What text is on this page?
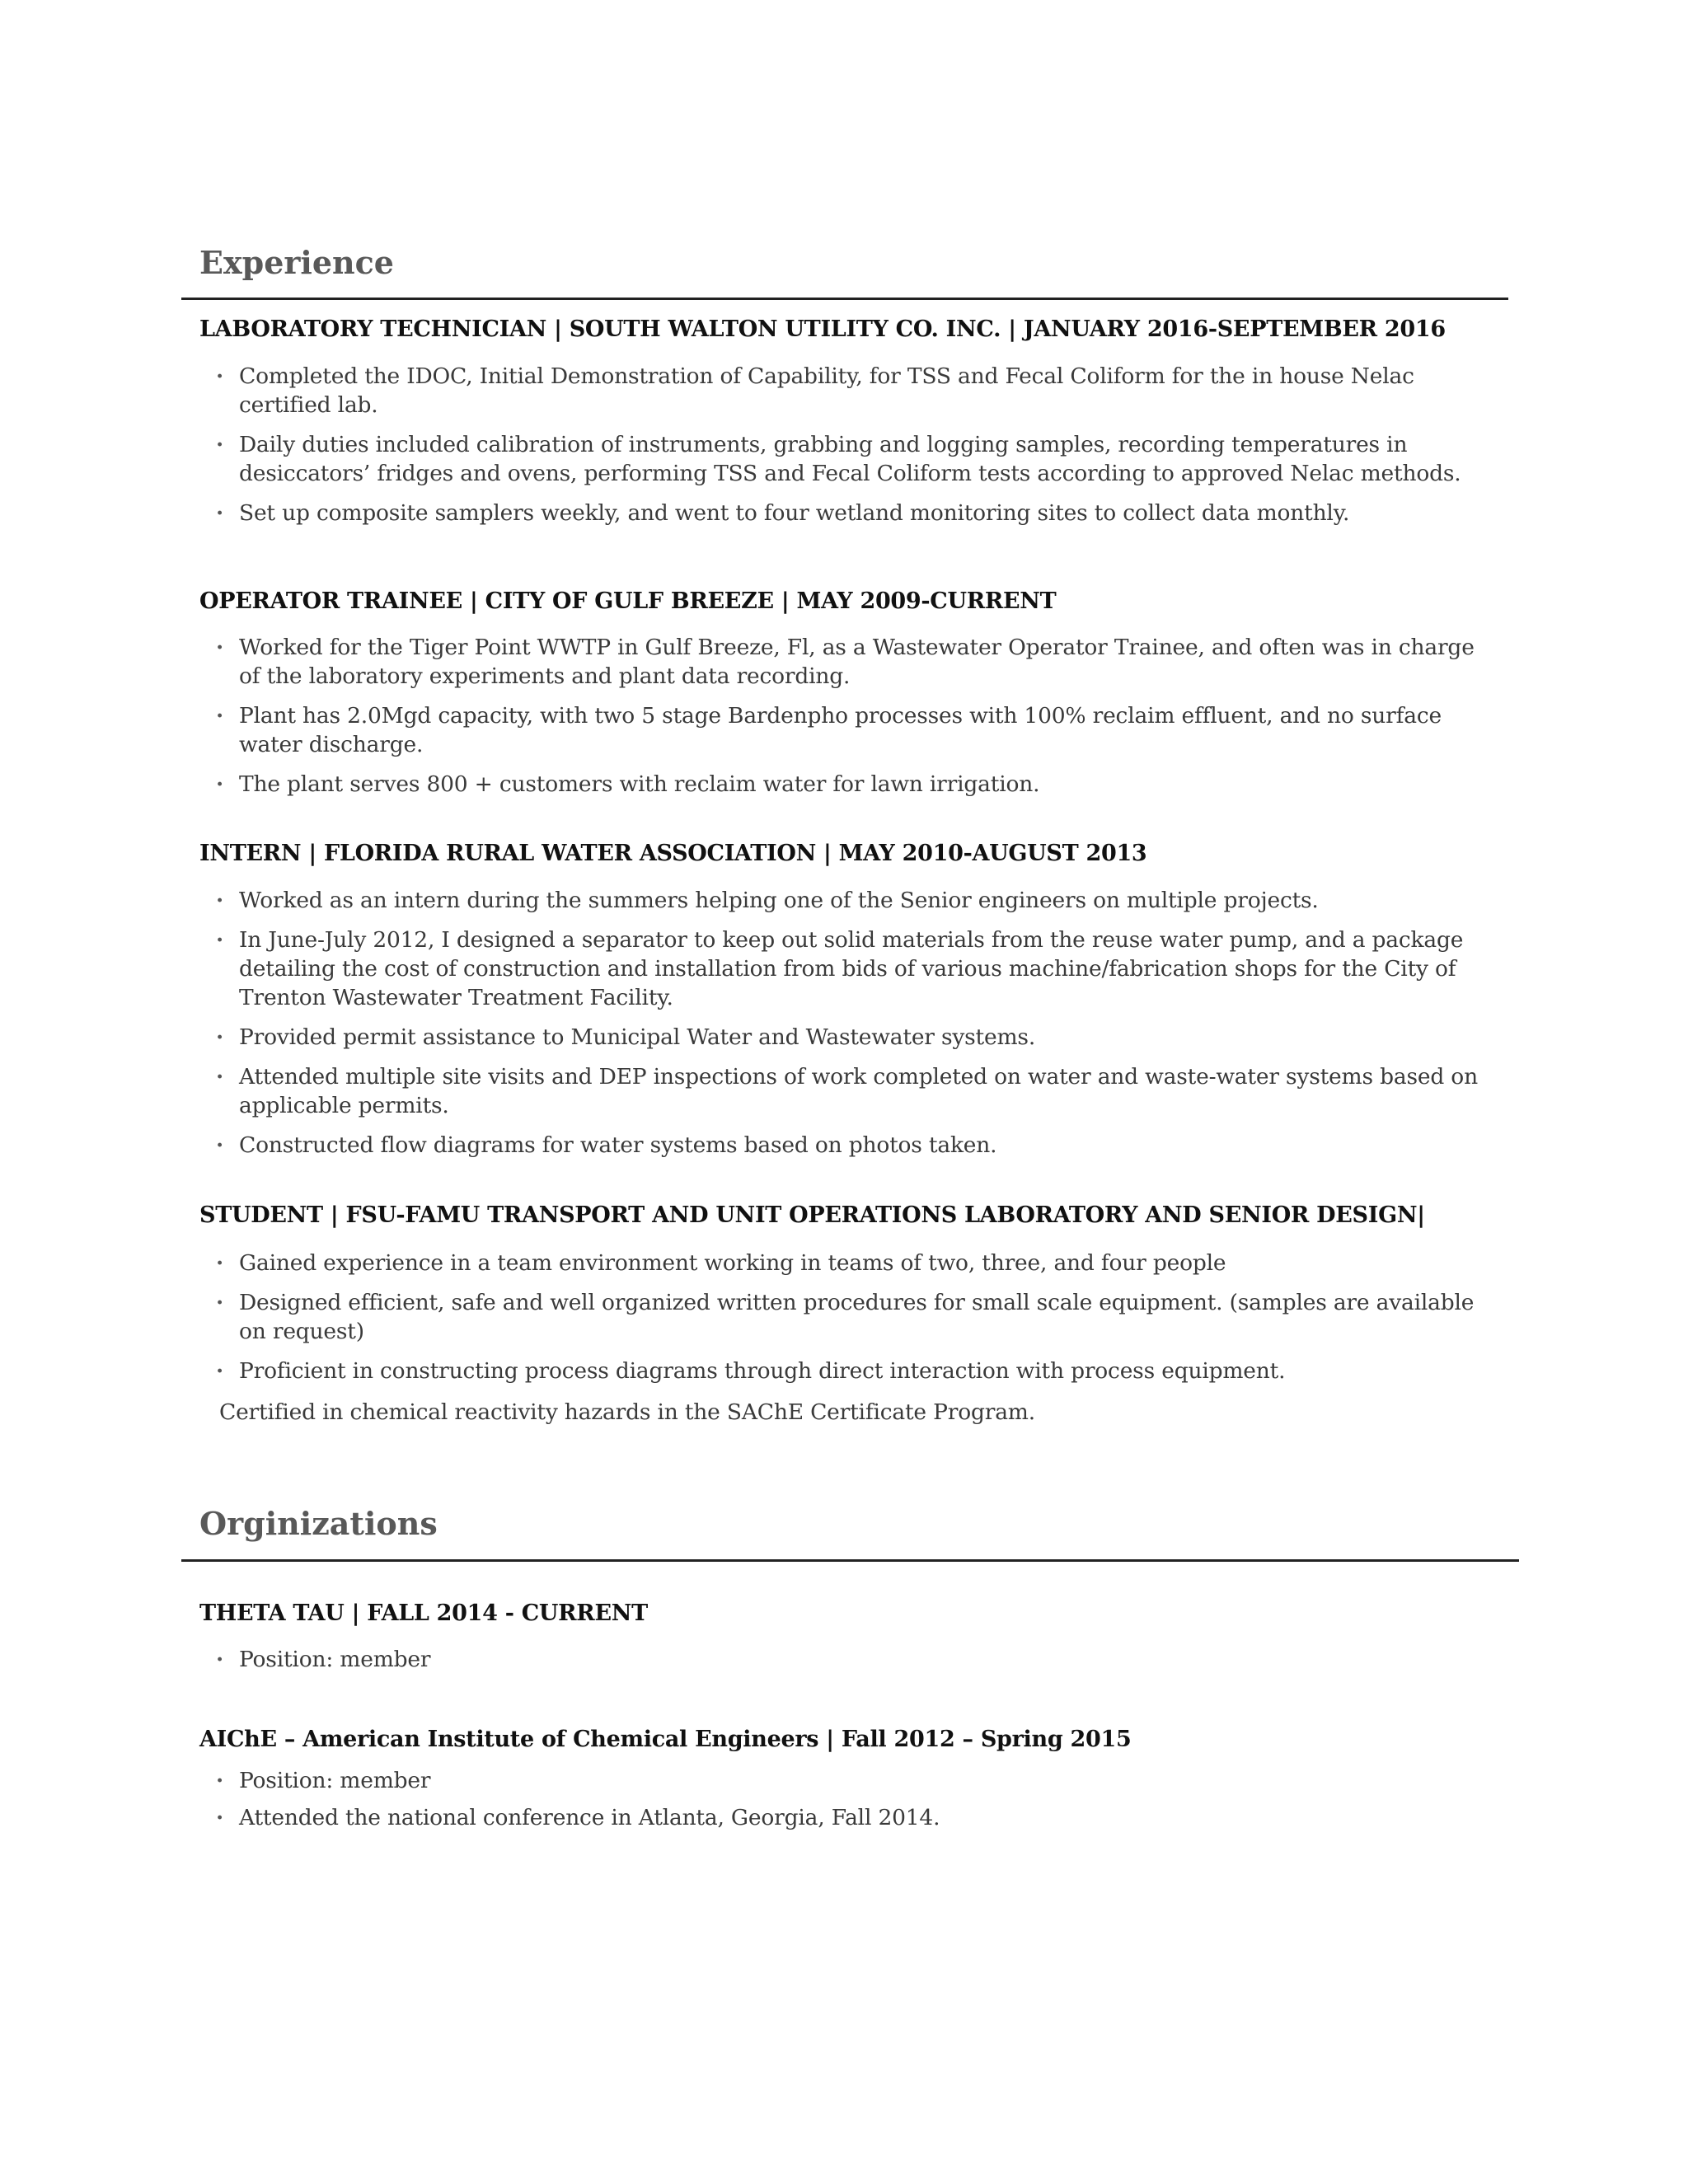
Experience
LABORATORY TECHNICIAN | SOUTH WALTON UTILITY CO. INC. | JANUARY 2016-SEPTEMBER 2016
· Completed the IDOC, Initial Demonstration of Capability, for TSS and Fecal Coliform for the in house Nelac certified lab.
· Daily duties included calibration of instruments, grabbing and logging samples, recording temperatures in desiccators’ fridges and ovens, performing TSS and Fecal Coliform tests according to approved Nelac methods.
· Set up composite samplers weekly, and went to four wetland monitoring sites to collect data monthly.
OPERATOR TRAINEE | CITY OF GULF BREEZE | MAY 2009-CURRENT
· Worked for the Tiger Point WWTP in Gulf Breeze, Fl, as a Wastewater Operator Trainee, and often was in charge of the laboratory experiments and plant data recording.
· Plant has 2.0Mgd capacity, with two 5 stage Bardenpho processes with 100% reclaim effluent, and no surface water discharge.
· The plant serves 800 + customers with reclaim water for lawn irrigation.
INTERN | FLORIDA RURAL WATER ASSOCIATION | MAY 2010-AUGUST 2013
· Worked as an intern during the summers helping one of the Senior engineers on multiple projects.
· In June-July 2012, I designed a separator to keep out solid materials from the reuse water pump, and a package detailing the cost of construction and installation from bids of various machine/fabrication shops for the City of Trenton Wastewater Treatment Facility.
· Provided permit assistance to Municipal Water and Wastewater systems.
· Attended multiple site visits and DEP inspections of work completed on water and waste-water systems based on applicable permits.
· Constructed flow diagrams for water systems based on photos taken.
STUDENT | FSU-FAMU TRANSPORT AND UNIT OPERATIONS LABORATORY AND SENIOR DESIGN|
· Gained experience in a team environment working in teams of two, three, and four people
· Designed efficient, safe and well organized written procedures for small scale equipment. (samples are available on request)
· Proficient in constructing process diagrams through direct interaction with process equipment.

Certified in chemical reactivity hazards in the SAChE Certificate Program.

Orginizations
THETA TAU | FALL 2014 - CURRENT
· Position: member
AIChE – American Institute of Chemical Engineers | Fall 2012 – Spring 2015
· Position: member
· Attended the national conference in Atlanta, Georgia, Fall 2014.
